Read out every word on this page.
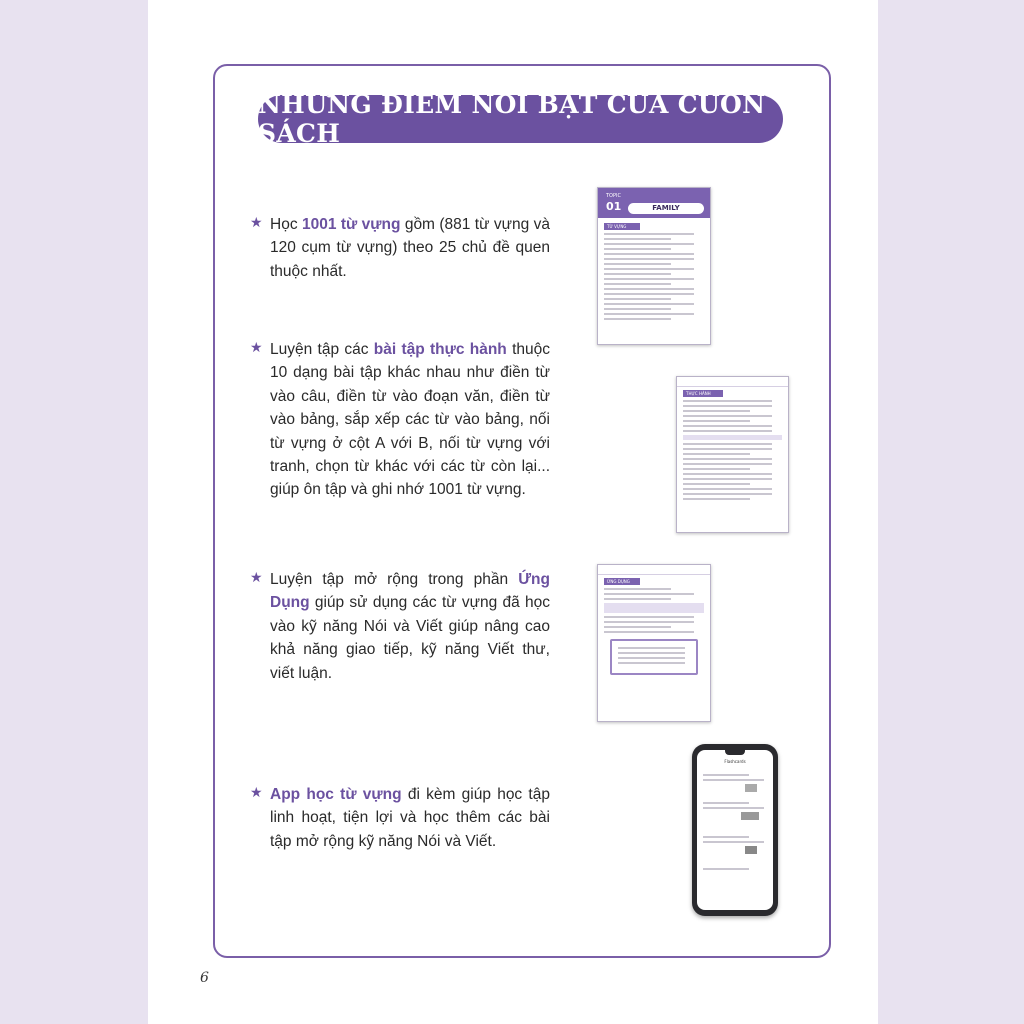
NHỮNG ĐIỂM NỔI BẬT CỦA CUỐN SÁCH
★ Học 1001 từ vựng gồm (881 từ vựng và 120 cụm từ vựng) theo 25 chủ đề quen thuộc nhất.

★ Luyện tập các bài tập thực hành thuộc 10 dạng bài tập khác nhau như điền từ vào câu, điền từ vào đoạn văn, điền từ vào bảng, sắp xếp các từ vào bảng, nối từ vựng ở cột A với B, nối từ vựng với tranh, chọn từ khác với các từ còn lại... giúp ôn tập và ghi nhớ 1001 từ vựng.

★ Luyện tập mở rộng trong phần Ứng Dụng giúp sử dụng các từ vựng đã học vào kỹ năng Nói và Viết giúp nâng cao khả năng giao tiếp, kỹ năng Viết thư, viết luận.

★ App học từ vựng đi kèm giúp học tập linh hoạt, tiện lợi và học thêm các bài tập mở rộng kỹ năng Nói và Viết.

TOPIC
01	FAMILY
TỪ VỰNG
THỰC HÀNH
ỨNG DỤNG
Flashcards
6
